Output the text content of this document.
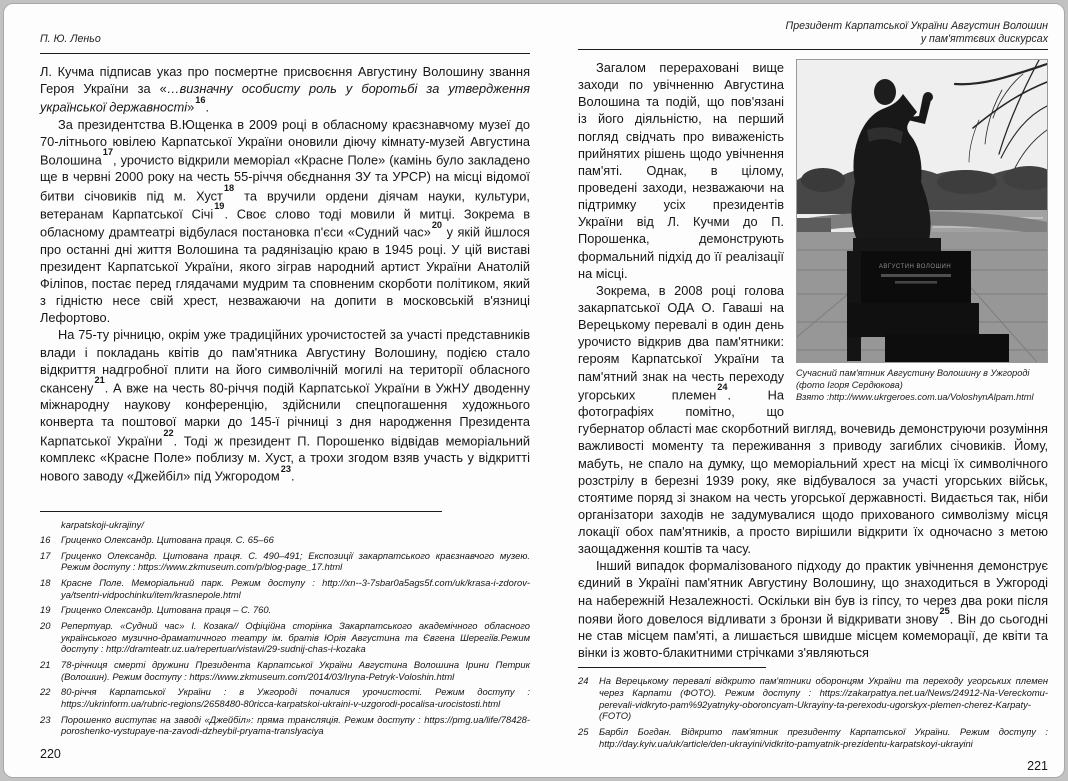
П. Ю. Леньо

Л. Кучма підписав указ про посмертне присвоєння Августину Волошину звання Героя України за «…визначну особисту роль у боротьбі за утвердження української державності»$^{16}$.

За президентства В.Ющенка в 2009 році в обласному краєзнавчому музеї до 70-літнього ювілею Карпатської України оновили діючу кімнату-музей Августина Волошина$^{17}$, урочисто відкрили меморіал «Красне Поле» (камінь було закладено ще в червні 2000 року на честь 55-річчя обєднання ЗУ та УРСР) на місці відомої битви січовиків під м. Хуст$^{18}$ та вручили ордени діячам науки, культури, ветеранам Карпатської Січі$^{19}$. Своє слово тоді мовили й митці. Зокрема в обласному драмтеатрі відбулася постановка п'єси «Судний час»$^{20}$ у якій йшлося про останні дні життя Волошина та радянізацію краю в 1945 році. У цій виставі президент Карпатської України, якого зіграв народний артист України Анатолій Філіпов, постає перед глядачами мудрим та сповненим скорботи політиком, який з гідністю несе свій хрест, незважаючи на допити в московській в'язниці Лефортово.

На 75-ту річницю, окрім уже традиційних урочистостей за участі представників влади і покладань квітів до пам'ятника Августину Волошину, подією стало відкриття надгробної плити на його символічній могилі на території обласного скансену$^{21}$. А вже на честь 80-річчя подій Карпатської України в УжНУ дводенну міжнародну наукову конференцію, здійснили спецпогашення художнього конверта та поштової марки до 145-ї річниці з дня народження Президента Карпатської України$^{22}$. Тоді ж президент П. Порошенко відвідав меморіальний комплекс «Красне Поле» поблизу м. Хуст, а трохи згодом взяв участь у відкритті нового заводу «Джейбіл» під Ужгородом$^{23}$.

karpatskoji-ukrajiny/
16	Гриценко Олександр. Цитована праця. С. 65–66
17	Гриценко Олександр. Цитована праця. С. 490–491; Експозиції закарпатського краєзнавчого музею. Режим доступу : https://www.zkmuseum.com/p/blog-page_17.html
18	Красне Поле. Меморіальний парк. Режим доступу : http://xn--3-7sbar0a5ags5f.com/uk/krasa-i-zdorov-ya/tsentri-vidpochinku/item/krasnepole.html
19	Гриценко Олександр. Цитована праця – С. 760.
20	Репертуар. «Судний час» І. Козака// Офіційна сторінка Закарпатського академічного обласного українського музично-драматичного театру ім. братів Юрія Августина та Євгена Шерегіїв.Режим доступу : http://dramteatr.uz.ua/repertuar/vistavi/29-sudnij-chas-i-kozaka
21	78-річниця смерті дружини Президента Карпатської України Августина Волошина Ірини Петрик (Волошин). Режим доступу : https://www.zkmuseum.com/2014/03/Iryna-Petryk-Voloshin.html
22	80-річчя Карпатської України : в Ужгороді почалися урочистості. Режим доступу : https://ukrinform.ua/rubric-regions/2658480-80ricca-karpatskoi-ukraini-v-uzgorodi-pocalisa-urocistosti.html
23	Порошенко виступає на заводі «Джейбіл»: пряма трансляція. Режим доступу : https://pmg.ua/life/78428-poroshenko-vystupaye-na-zavodi-dzheybil-pryama-translyaciya
220
Президент Карпатської України Августин Волошин
у пам'яттєвих дискурсах
АВГУСТИН ВОЛОШИН
Сучасний пам'ятник Августину Волошину в Ужгороді
(фото Ігоря Сердюкова)
Взято :http://www.ukrgeroes.com.ua/VoloshynAlpam.html

Загалом перераховані вище заходи по увічненню Августина Волошина та подій, що пов'язані із його діяльністю, на перший погляд свідчать про виваженість прийнятих рішень щодо увічнення пам'яті. Однак, в цілому, проведені заходи, незважаючи на підтримку усіх президентів України від Л. Кучми до П. Порошенка, демонструють формальний підхід до її реалізації на місці.

Зокрема, в 2008 році голова закарпатської ОДА О. Гаваші на Верецькому перевалі в один день урочисто відкрив два пам'ятники: героям Карпатської України та пам'ятний знак на честь переходу угорських племен$^{24}$. На фотографіях помітно, що губернатор області має скорботний вигляд, вочевидь демонструючи розуміння важливості моменту та переживання з приводу загиблих січовиків. Йому, мабуть, не спало на думку, що меморіальний хрест на місці їх символічного розстрілу в березні 1939 року, яке відбувалося за участі угорських військ, стоятиме поряд зі знаком на честь угорської державності. Видається так, ніби організатори заходів не задумувалися щодо прихованого символізму місця локації обох пам'ятників, а просто вирішили відкрити їх одночасно з метою заощадження коштів та часу.

Інший випадок формалізованого підходу до практик увічнення демонструє єдиний в Україні пам'ятник Августину Волошину, що знаходиться в Ужгороді на набережній Незалежності. Оскільки він був із гіпсу, то через два роки після появи його довелося відливати з бронзи й відкривати знову$^{25}$. Він до сьогодні не став місцем пам'яті, а лишається швидше місцем комеморації, де квіти та вінки із жовто-блакитними стрічками з'являються

24	На Верецькому перевалі відкрито пам'ятники оборонцям України та переходу угорських племен через Карпати (ФОТО). Режим доступу : https://zakarpattya.net.ua/News/24912-Na-Vereckomu-perevali-vidkryto-pam%92yatnyky-oboroncyam-Ukrayiny-ta-perexodu-ugorskyx-plemen-cherez-Karpaty-(FOTO)
25	Барбіл Богдан. Відкрито пам'ятник президенту Карпатської України. Режим доступу : http://day.kyiv.ua/uk/article/den-ukrayini/vidkrito-pamyatnik-prezidentu-karpatskoyi-ukrayini
221
